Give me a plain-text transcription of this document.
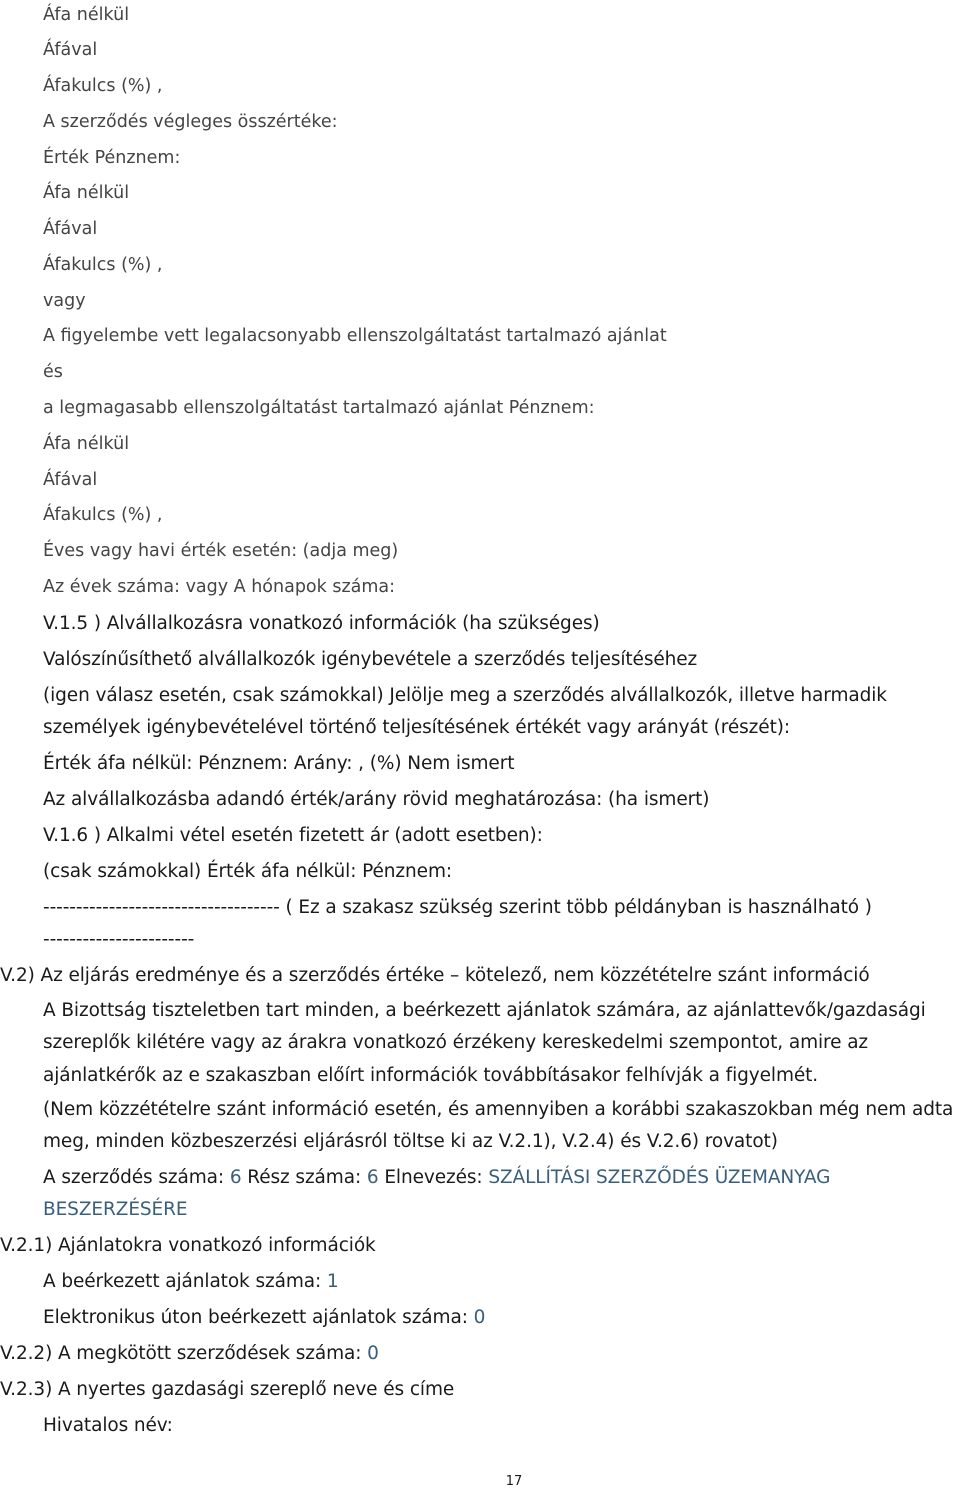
Áfa nélkül
Áfával
Áfakulcs (%) ,
A szerződés végleges összértéke:
Érték Pénznem:
Áfa nélkül
Áfával
Áfakulcs (%) ,
vagy
A figyelembe vett legalacsonyabb ellenszolgáltatást tartalmazó ajánlat
és
a legmagasabb ellenszolgáltatást tartalmazó ajánlat Pénznem:
Áfa nélkül
Áfával
Áfakulcs (%) ,
Éves vagy havi érték esetén: (adja meg)
Az évek száma: vagy A hónapok száma:
V.1.5 ) Alvállalkozásra vonatkozó információk (ha szükséges)
Valószínűsíthető alvállalkozók igénybevétele a szerződés teljesítéséhez
(igen válasz esetén, csak számokkal) Jelölje meg a szerződés alvállalkozók, illetve harmadik
személyek igénybevételével történő teljesítésének értékét vagy arányát (részét):
Érték áfa nélkül: Pénznem: Arány: , (%) Nem ismert
Az alvállalkozásba adandó érték/arány rövid meghatározása: (ha ismert)
V.1.6 ) Alkalmi vétel esetén fizetett ár (adott esetben):
(csak számokkal) Érték áfa nélkül: Pénznem:
------------------------------------ ( Ez a szakasz szükség szerint több példányban is használható )
-----------------------
V.2) Az eljárás eredménye és a szerződés értéke – kötelező, nem közzétételre szánt információ
A Bizottság tiszteletben tart minden, a beérkezett ajánlatok számára, az ajánlattevők/gazdasági
szereplők kilétére vagy az árakra vonatkozó érzékeny kereskedelmi szempontot, amire az
ajánlatkérők az e szakaszban előírt információk továbbításakor felhívják a figyelmét.
(Nem közzétételre szánt információ esetén, és amennyiben a korábbi szakaszokban még nem adta
meg, minden közbeszerzési eljárásról töltse ki az V.2.1), V.2.4) és V.2.6) rovatot)
A szerződés száma: 6 Rész száma: 6 Elnevezés: SZÁLLÍTÁSI SZERZŐDÉS ÜZEMANYAG
BESZERZÉSÉRE
V.2.1) Ajánlatokra vonatkozó információk
A beérkezett ajánlatok száma: 1
Elektronikus úton beérkezett ajánlatok száma: 0
V.2.2) A megkötött szerződések száma: 0
V.2.3) A nyertes gazdasági szereplő neve és címe
Hivatalos név:
17
